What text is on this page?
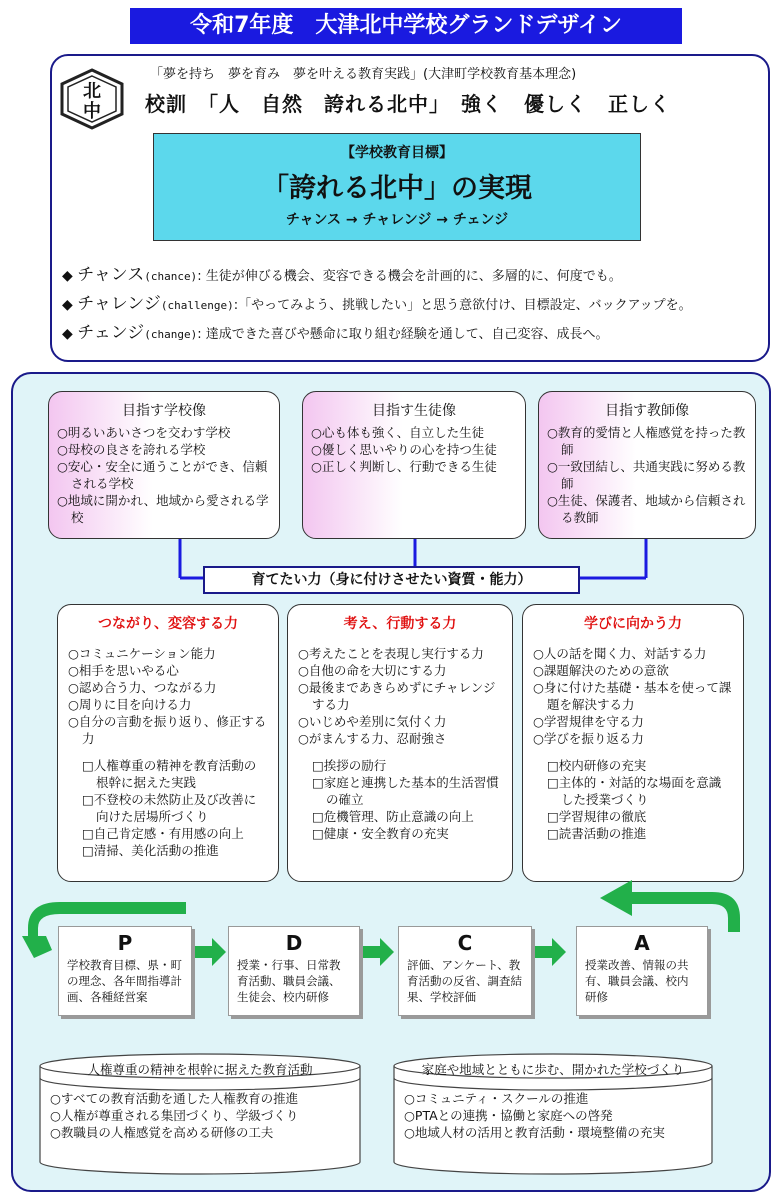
令和7年度　大津北中学校グランドデザイン
北
中
「夢を持ち　夢を育み　夢を叶える教育実践」(大津町学校教育基本理念)
校訓　「人　自然　誇れる北中」　強く　優しく　正しく
【学校教育目標】
「誇れる北中」の実現
チャンス → チャレンジ → チェンジ
◆ チャンス(chance): 生徒が伸びる機会、変容できる機会を計画的に、多層的に、何度でも。
◆ チャレンジ(challenge):「やってみよう、挑戦したい」と思う意欲付け、目標設定、バックアップを。
◆ チェンジ(change): 達成できた喜びや懸命に取り組む経験を通して、自己変容、成長へ。
目指す学校像
○明るいあいさつを交わす学校
○母校の良さを誇れる学校
○安心・安全に通うことができ、信頼される学校
○地域に開かれ、地域から愛される学校
目指す生徒像
○心も体も強く、自立した生徒
○優しく思いやりの心を持つ生徒
○正しく判断し、行動できる生徒
目指す教師像
○教育的愛情と人権感覚を持った教師
○一致団結し、共通実践に努める教師
○生徒、保護者、地域から信頼される教師
育てたい力（身に付けさせたい資質・能力）
つながり、変容する力
○コミュニケーション能力
○相手を思いやる心
○認め合う力、つながる力
○周りに目を向ける力
○自分の言動を振り返り、修正する力
□人権尊重の精神を教育活動の根幹に据えた実践
□不登校の未然防止及び改善に向けた居場所づくり
□自己肯定感・有用感の向上
□清掃、美化活動の推進
考え、行動する力
○考えたことを表現し実行する力
○自他の命を大切にする力
○最後まであきらめずにチャレンジする力
○いじめや差別に気付く力
○がまんする力、忍耐強さ
□挨拶の励行
□家庭と連携した基本的生活習慣の確立
□危機管理、防止意識の向上
□健康・安全教育の充実
学びに向かう力
○人の話を聞く力、対話する力
○課題解決のための意欲
○身に付けた基礎・基本を使って課題を解決する力
○学習規律を守る力
○学びを振り返る力
□校内研修の充実
□主体的・対話的な場面を意識した授業づくり
□学習規律の徹底
□読書活動の推進
P
学校教育目標、県・町の理念、各年間指導計画、各種経営案
D
授業・行事、日常教育活動、職員会議、生徒会、校内研修
C
評価、アンケート、教育活動の反省、調査結果、学校評価
A
授業改善、情報の共有、職員会議、校内研修
人権尊重の精神を根幹に据えた教育活動
○すべての教育活動を通した人権教育の推進
○人権が尊重される集団づくり、学級づくり
○教職員の人権感覚を高める研修の工夫
家庭や地域とともに歩む、開かれた学校づくり
○コミュニティ・スクールの推進
○PTAとの連携・協働と家庭への啓発
○地域人材の活用と教育活動・環境整備の充実
